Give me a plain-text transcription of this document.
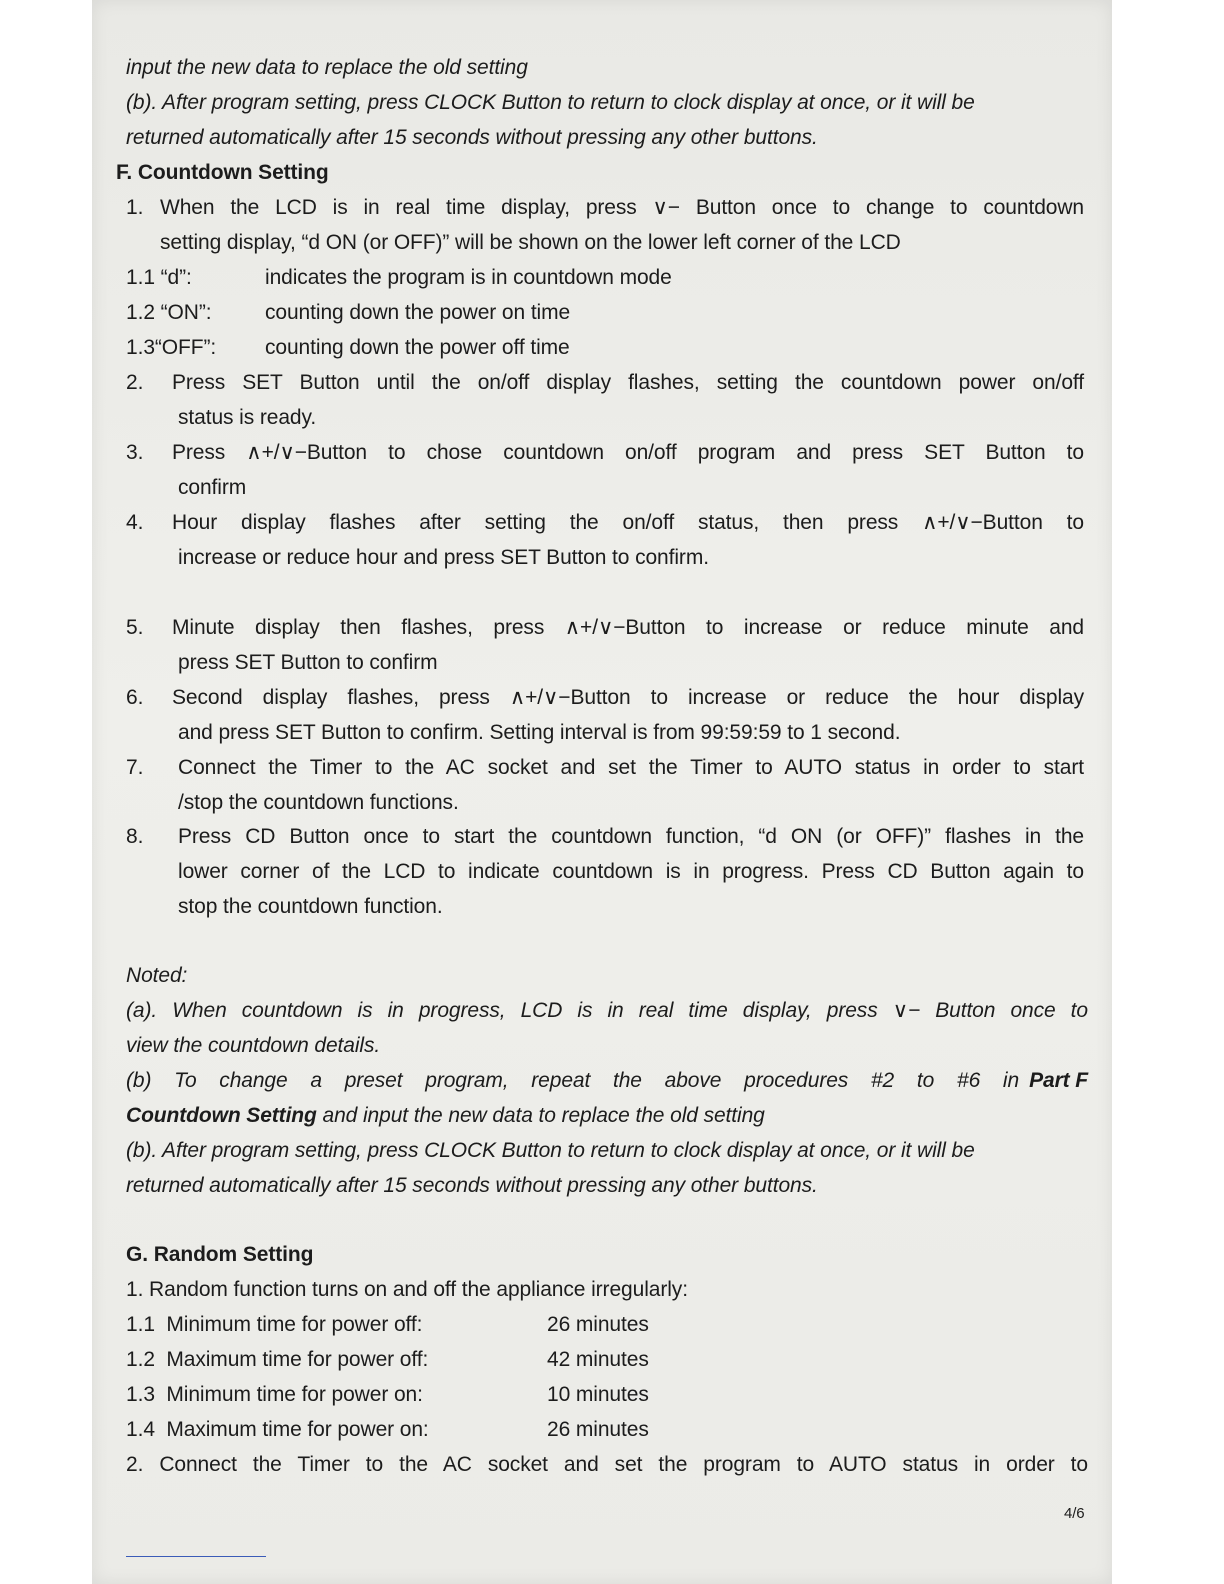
input the new data to replace the old setting
(b). After program setting, press CLOCK Button to return to clock display at once, or it will be
returned automatically after 15 seconds without pressing any other buttons.
F. Countdown Setting
1. When the LCD is in real time display, press ∨− Button once to change to countdown
setting display, “d ON (or OFF)” will be shown on the lower left corner of the LCD
1.1 “d”:	indicates the program is in countdown mode
1.2 “ON”:	counting down the power on time
1.3“OFF”: counting down the power off time
2. Press SET Button until the on/off display flashes, setting the countdown power on/off
status is ready.
3. Press ∧+/∨−Button to chose countdown on/off program and press SET Button to
confirm
4. Hour display flashes after setting the on/off status, then press ∧+/∨−Button to
increase or reduce hour and press SET Button to confirm.
5. Minute display then flashes, press ∧+/∨−Button to increase or reduce minute and
press SET Button to confirm
6. Second display flashes, press ∧+/∨−Button to increase or reduce the hour display
and press SET Button to confirm. Setting interval is from 99:59:59 to 1 second.
7. Connect the Timer to the AC socket and set the Timer to AUTO status in order to start
/stop the countdown functions.
8. Press CD Button once to start the countdown function, “d ON (or OFF)” flashes in the
lower corner of the LCD to indicate countdown is in progress. Press CD Button again to
stop the countdown function.
Noted:
(a). When countdown is in progress, LCD is in real time display, press ∨− Button once to
view the countdown details.
(b) To change a preset program, repeat the above procedures #2 to #6 in Part F
Countdown Setting and input the new data to replace the old setting
(b). After program setting, press CLOCK Button to return to clock display at once, or it will be
returned automatically after 15 seconds without pressing any other buttons.
G. Random Setting
1. Random function turns on and off the appliance irregularly:
1.1  Minimum time for power off:	26 minutes
1.2  Maximum time for power off:	42 minutes
1.3  Minimum time for power on:	10 minutes
1.4  Maximum time for power on:	26 minutes
2. Connect the Timer to the AC socket and set the program to AUTO status in order to
4/6
